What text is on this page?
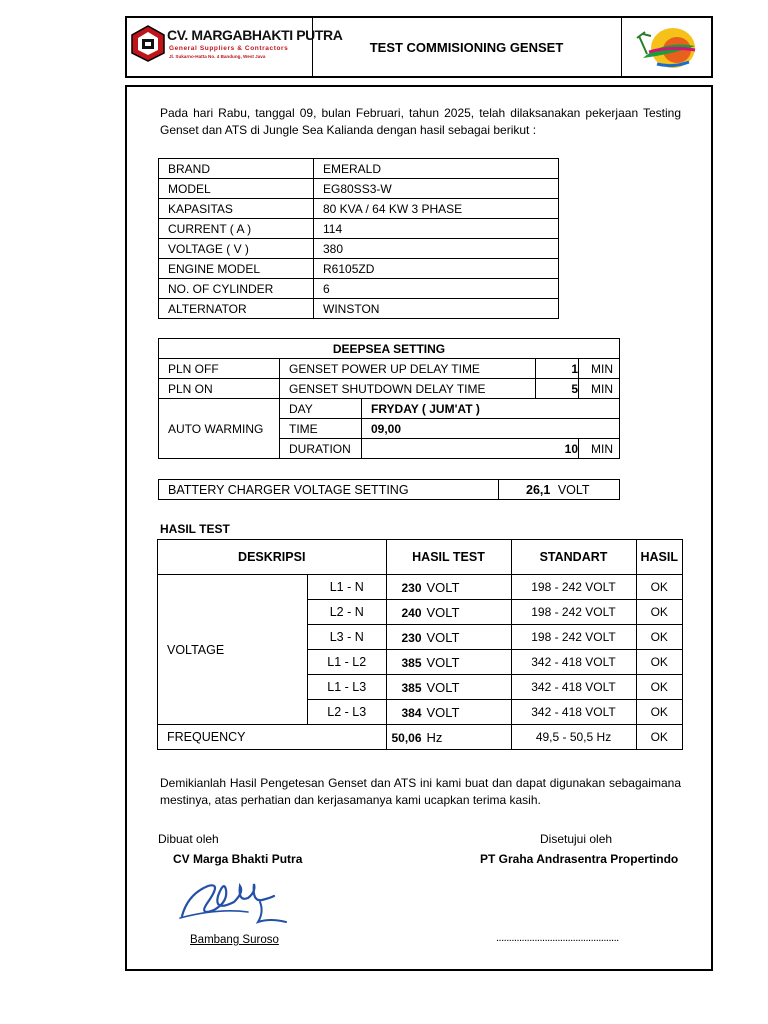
CV. MARGABHAKTI PUTRA
General Suppliers & Contractors
Jl. Sukarno-Hatta No. 4 Bandung, West Java
TEST COMMISIONING GENSET
Pada hari Rabu, tanggal 09, bulan Februari, tahun 2025, telah dilaksanakan pekerjaan Testing Genset dan ATS di Jungle Sea Kalianda dengan hasil sebagai berikut :
BRAND	EMERALD
MODEL	EG80SS3-W
KAPASITAS	80 KVA / 64 KW 3 PHASE
CURRENT ( A )	114
VOLTAGE ( V )	380
ENGINE MODEL	R6105ZD
NO. OF CYLINDER	6
ALTERNATOR	WINSTON
DEEPSEA SETTING				
PLN OFF	GENSET POWER UP DELAY TIME		1	MIN
PLN ON	GENSET SHUTDOWN DELAY TIME		5	MIN
AUTO WARMING	DAY	FRYDAY ( JUM'AT )		
	TIME	09,00		
	DURATION		10	MIN
BATTERY CHARGER VOLTAGE SETTING	26,1 VOLT
HASIL TEST
DESKRIPSI		HASIL TEST	STANDART	HASIL
VOLTAGE	L1 - N	230 VOLT	198 - 242 VOLT	OK
	L2 - N	240 VOLT	198 - 242 VOLT	OK
	L3 - N	230 VOLT	198 - 242 VOLT	OK
	L1 - L2	385 VOLT	342 - 418 VOLT	OK
	L1 - L3	385 VOLT	342 - 418 VOLT	OK
	L2 - L3	384 VOLT	342 - 418 VOLT	OK
FREQUENCY		50,06 Hz	49,5 - 50,5 Hz	OK
Demikianlah Hasil Pengetesan Genset dan ATS ini kami buat dan dapat digunakan sebagaimana mestinya, atas perhatian dan kerjasamanya kami ucapkan terima kasih.
Dibuat oleh
CV Marga Bhakti Putra
Disetujui oleh
PT Graha Andrasentra Propertindo
Bambang Suroso	................................................
